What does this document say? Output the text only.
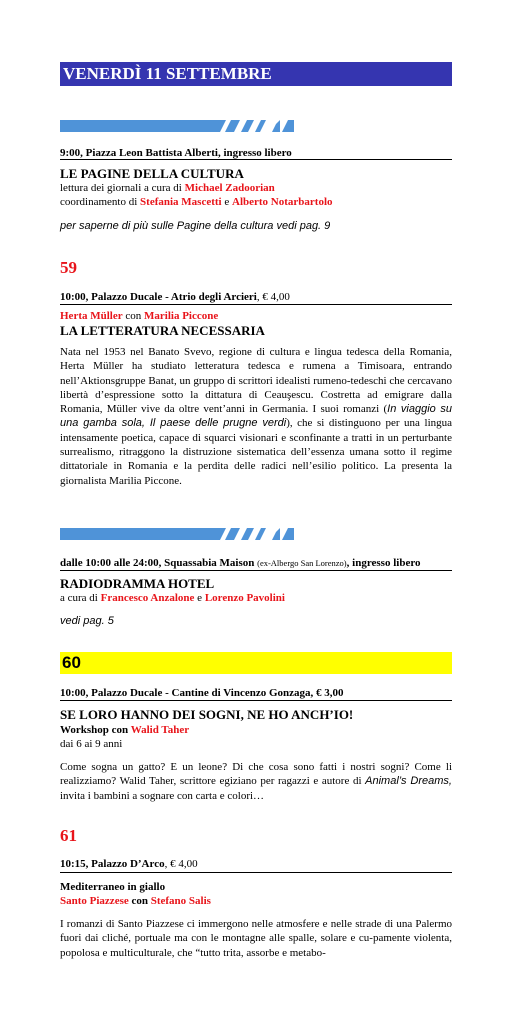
VENERDÌ 11 SETTEMBRE
9:00, Piazza Leon Battista Alberti, ingresso libero
LE PAGINE DELLA CULTURA
lettura dei giornali a cura di Michael Zadoorian
coordinamento di Stefania Mascetti e Alberto Notarbartolo
per saperne di più sulle Pagine della cultura vedi pag. 9
59
10:00, Palazzo Ducale - Atrio degli Arcieri, € 4,00
Herta Müller con Marilia Piccone
LA LETTERATURA NECESSARIA
Nata nel 1953 nel Banato Svevo, regione di cultura e lingua tedesca della Romania, Herta Müller ha studiato letteratura tedesca e rumena a Timisoara, entrando nell’Aktionsgruppe Banat, un gruppo di scrittori idealisti rumeno-tedeschi che cercavano libertà d’espressione sotto la dittatura di Ceauşescu. Costretta ad emigrare dalla Romania, Müller vive da oltre vent’anni in Germania. I suoi romanzi (In viaggio su una gamba sola, Il paese delle prugne verdi), che si distinguono per una lingua intensamente poetica, capace di squarci visionari e sconfinante a tratti in un perturbante surrealismo, ritraggono la distruzione sistematica dell’essenza umana sotto il regime dittatoriale in Romania e la perdita delle radici nell’esilio politico. La presenta la giornalista Marilia Piccone.
dalle 10:00 alle 24:00, Squassabia Maison (ex-Albergo San Lorenzo), ingresso libero
RADIODRAMMA HOTEL
a cura di Francesco Anzalone e Lorenzo Pavolini
vedi pag. 5
60
10:00, Palazzo Ducale - Cantine di Vincenzo Gonzaga, € 3,00
SE LORO HANNO DEI SOGNI, NE HO ANCH’IO!
Workshop con Walid Taher
dai 6 ai 9 anni
Come sogna un gatto? E un leone? Di che cosa sono fatti i nostri sogni? Come li realizziamo? Walid Taher, scrittore egiziano per ragazzi e autore di Animal’s Dreams, invita i bambini a sognare con carta e colori…
61
10:15, Palazzo D’Arco, € 4,00
Mediterraneo in giallo
Santo Piazzese con Stefano Salis
I romanzi di Santo Piazzese ci immergono nelle atmosfere e nelle strade di una Palermo fuori dai cliché, portuale ma con le montagne alle spalle, solare e cu-pamente violenta, popolosa e multiculturale, che “tutto trita, assorbe e metabo-
